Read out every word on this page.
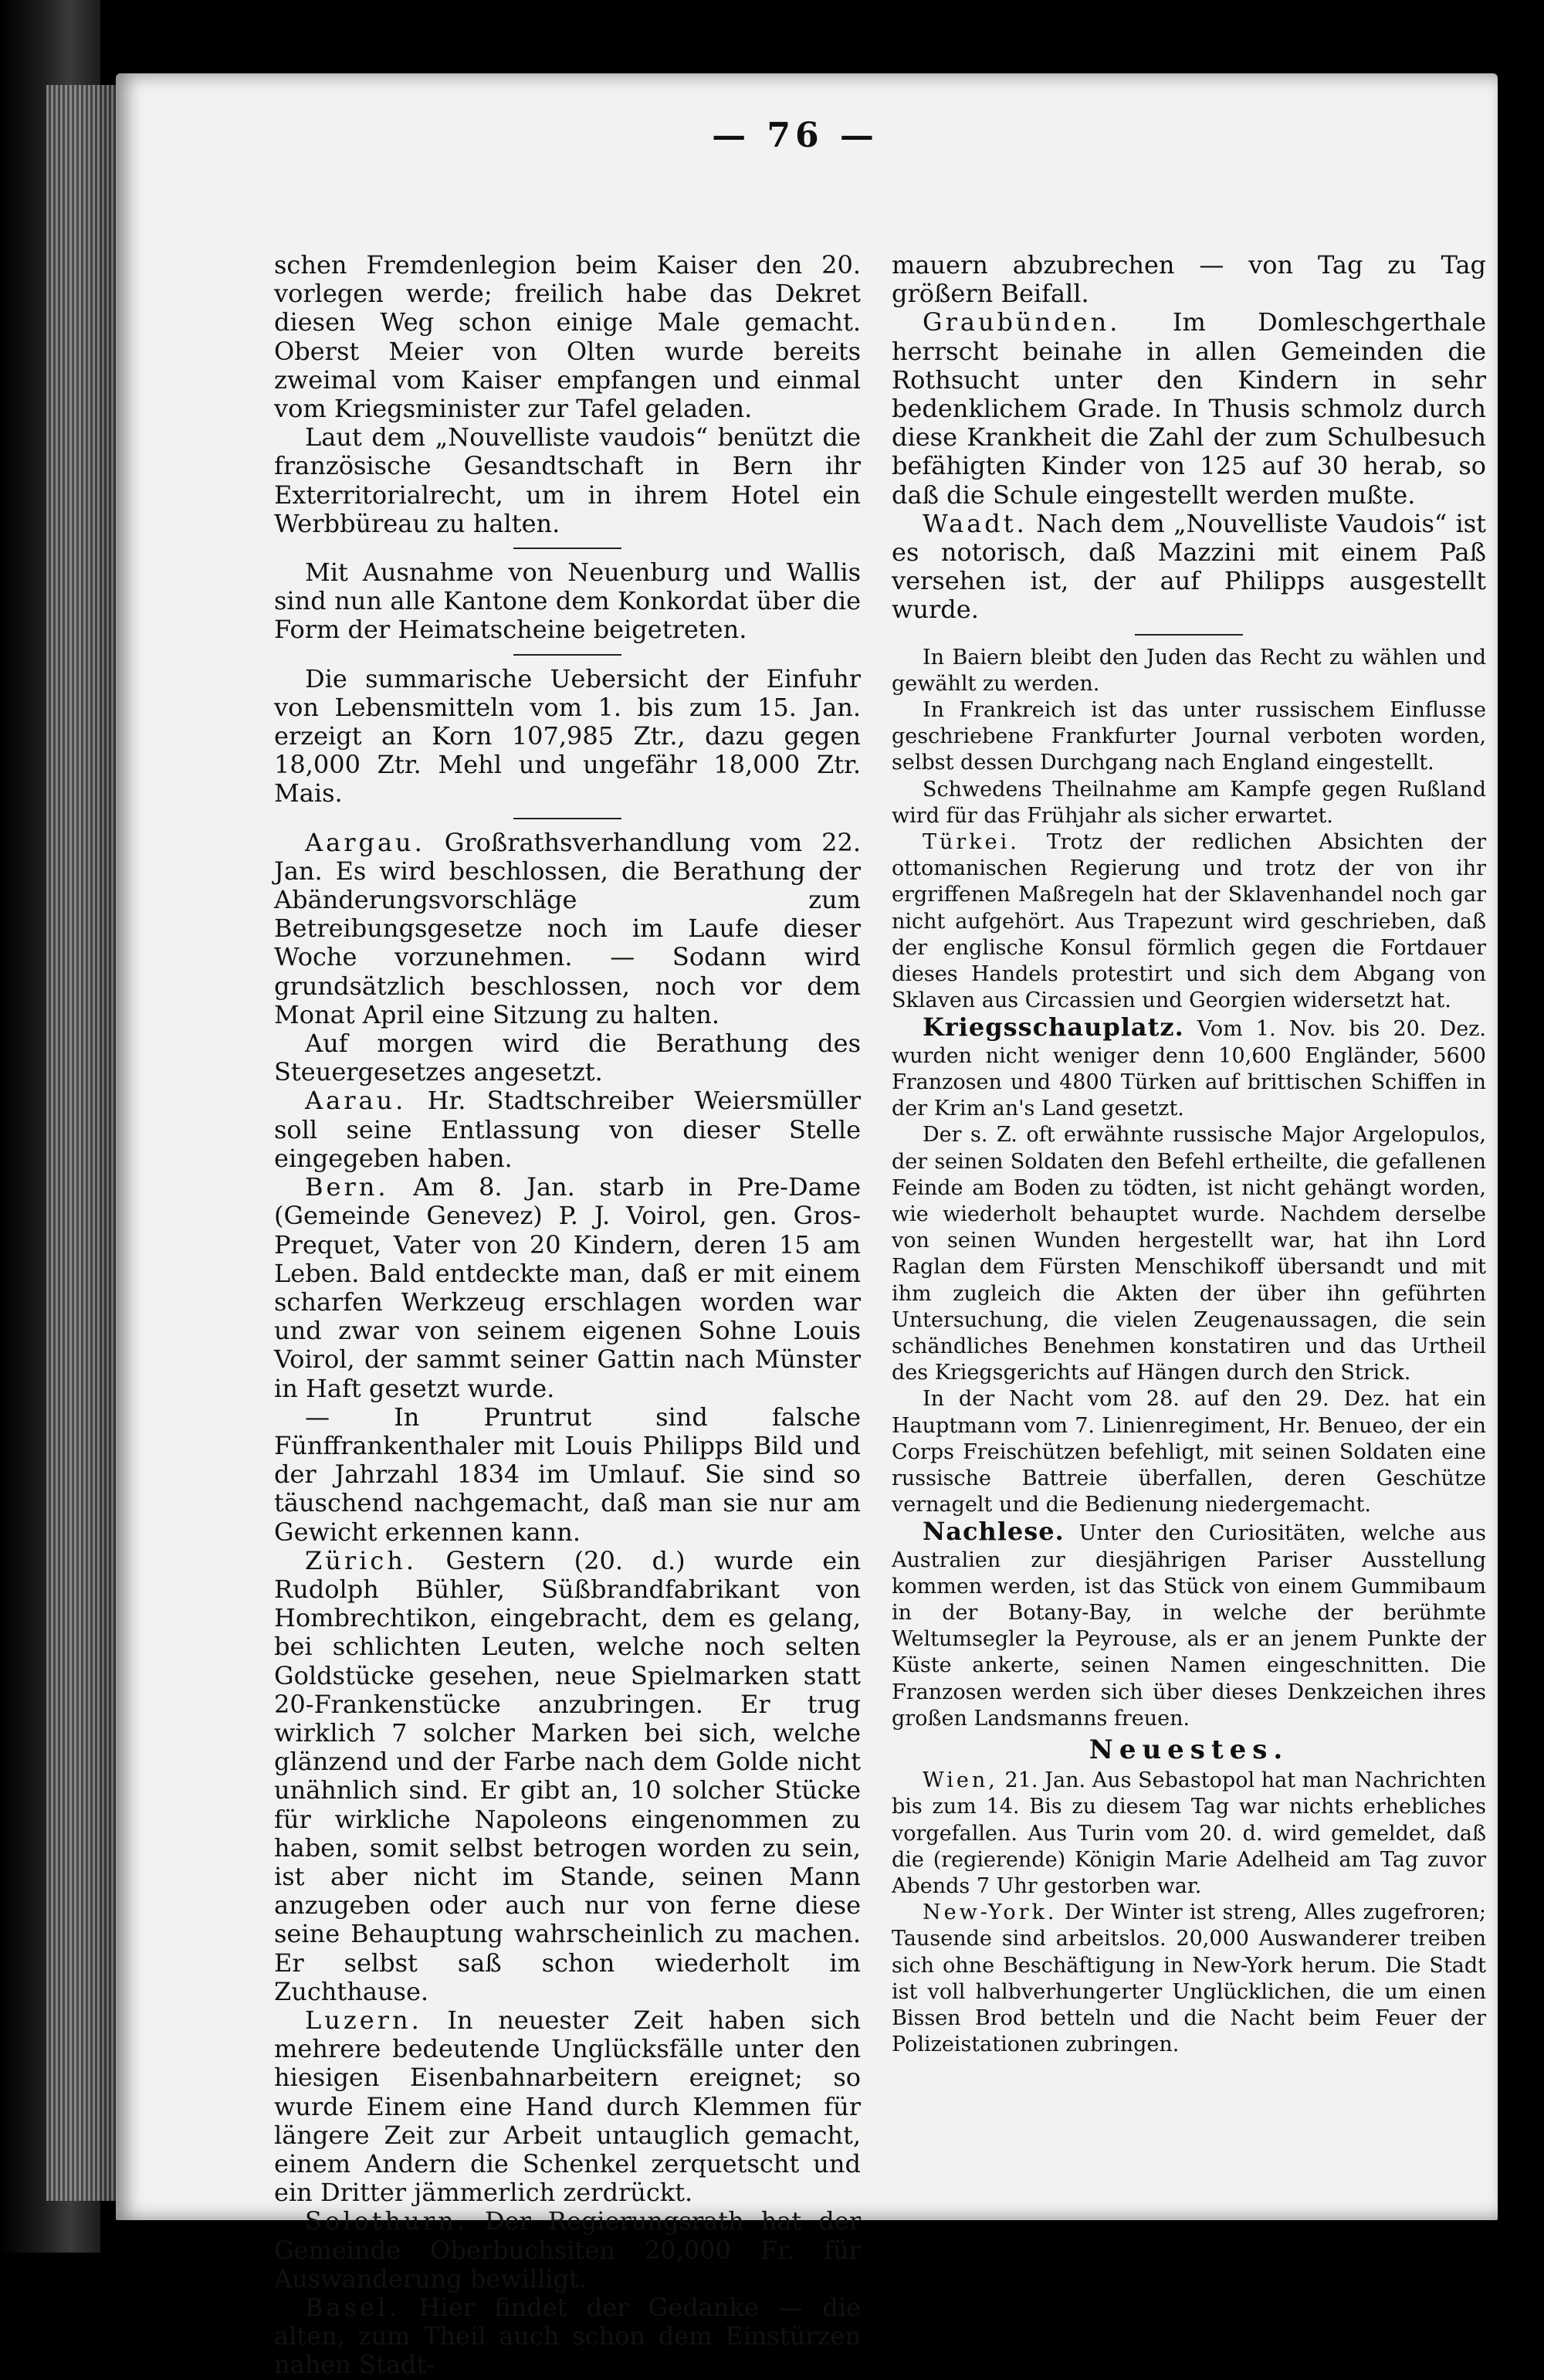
— 76 —

schen Fremdenlegion beim Kaiser den 20. vorlegen werde; freilich habe das Dekret diesen Weg schon einige Male gemacht. Oberst Meier von Olten wurde bereits zweimal vom Kaiser empfangen und einmal vom Kriegsminister zur Tafel geladen.

Laut dem „Nouvelliste vaudois“ benützt die französische Gesandtschaft in Bern ihr Exterritorialrecht, um in ihrem Hotel ein Werbbüreau zu halten.

Mit Ausnahme von Neuenburg und Wallis sind nun alle Kantone dem Konkordat über die Form der Heimatscheine beigetreten.

Die summarische Uebersicht der Einfuhr von Lebensmitteln vom 1. bis zum 15. Jan. erzeigt an Korn 107,985 Ztr., dazu gegen 18,000 Ztr. Mehl und ungefähr 18,000 Ztr. Mais.

Aargau. Großrathsverhandlung vom 22. Jan. Es wird beschlossen, die Berathung der Abänderungsvorschläge zum Betreibungsgesetze noch im Laufe dieser Woche vorzunehmen. — Sodann wird grundsätzlich beschlossen, noch vor dem Monat April eine Sitzung zu halten.

Auf morgen wird die Berathung des Steuergesetzes angesetzt.

Aarau. Hr. Stadtschreiber Weiersmüller soll seine Entlassung von dieser Stelle eingegeben haben.

Bern. Am 8. Jan. starb in Pre-Dame (Gemeinde Genevez) P. J. Voirol, gen. Gros-Prequet, Vater von 20 Kindern, deren 15 am Leben. Bald entdeckte man, daß er mit einem scharfen Werkzeug erschlagen worden war und zwar von seinem eigenen Sohne Louis Voirol, der sammt seiner Gattin nach Münster in Haft gesetzt wurde.

— In Pruntrut sind falsche Fünffrankenthaler mit Louis Philipps Bild und der Jahrzahl 1834 im Umlauf. Sie sind so täuschend nachgemacht, daß man sie nur am Gewicht erkennen kann.

Zürich. Gestern (20. d.) wurde ein Rudolph Bühler, Süßbrandfabrikant von Hombrechtikon, eingebracht, dem es gelang, bei schlichten Leuten, welche noch selten Goldstücke gesehen, neue Spielmarken statt 20-Frankenstücke anzubringen. Er trug wirklich 7 solcher Marken bei sich, welche glänzend und der Farbe nach dem Golde nicht unähnlich sind. Er gibt an, 10 solcher Stücke für wirkliche Napoleons eingenommen zu haben, somit selbst betrogen worden zu sein, ist aber nicht im Stande, seinen Mann anzugeben oder auch nur von ferne diese seine Behauptung wahrscheinlich zu machen. Er selbst saß schon wiederholt im Zuchthause.

Luzern. In neuester Zeit haben sich mehrere bedeutende Unglücksfälle unter den hiesigen Eisenbahnarbeitern ereignet; so wurde Einem eine Hand durch Klemmen für längere Zeit zur Arbeit untauglich gemacht, einem Andern die Schenkel zerquetscht und ein Dritter jämmerlich zerdrückt.

Solothurn. Der Regierungsrath hat der Gemeinde Oberbuchsiten 20,000 Fr. für Auswanderung bewilligt.

Basel. Hier findet der Gedanke — die alten, zum Theil auch schon dem Einstürzen nahen Stadt-

mauern abzubrechen — von Tag zu Tag größern Beifall.

Graubünden. Im Domleschgerthale herrscht beinahe in allen Gemeinden die Rothsucht unter den Kindern in sehr bedenklichem Grade. In Thusis schmolz durch diese Krankheit die Zahl der zum Schulbesuch befähigten Kinder von 125 auf 30 herab, so daß die Schule eingestellt werden mußte.

Waadt. Nach dem „Nouvelliste Vaudois“ ist es notorisch, daß Mazzini mit einem Paß versehen ist, der auf Philipps ausgestellt wurde.

In Baiern bleibt den Juden das Recht zu wählen und gewählt zu werden.

In Frankreich ist das unter russischem Einflusse geschriebene Frankfurter Journal verboten worden, selbst dessen Durchgang nach England eingestellt.

Schwedens Theilnahme am Kampfe gegen Rußland wird für das Frühjahr als sicher erwartet.

Türkei. Trotz der redlichen Absichten der ottomanischen Regierung und trotz der von ihr ergriffenen Maßregeln hat der Sklavenhandel noch gar nicht aufgehört. Aus Trapezunt wird geschrieben, daß der englische Konsul förmlich gegen die Fortdauer dieses Handels protestirt und sich dem Abgang von Sklaven aus Circassien und Georgien widersetzt hat.

Kriegsschauplatz. Vom 1. Nov. bis 20. Dez. wurden nicht weniger denn 10,600 Engländer, 5600 Franzosen und 4800 Türken auf brittischen Schiffen in der Krim an's Land gesetzt.

Der s. Z. oft erwähnte russische Major Argelopulos, der seinen Soldaten den Befehl ertheilte, die gefallenen Feinde am Boden zu tödten, ist nicht gehängt worden, wie wiederholt behauptet wurde. Nachdem derselbe von seinen Wunden hergestellt war, hat ihn Lord Raglan dem Fürsten Menschikoff übersandt und mit ihm zugleich die Akten der über ihn geführten Untersuchung, die vielen Zeugenaussagen, die sein schändliches Benehmen konstatiren und das Urtheil des Kriegsgerichts auf Hängen durch den Strick.

In der Nacht vom 28. auf den 29. Dez. hat ein Hauptmann vom 7. Linienregiment, Hr. Benueo, der ein Corps Freischützen befehligt, mit seinen Soldaten eine russische Battreie überfallen, deren Geschütze vernagelt und die Bedienung niedergemacht.

Nachlese. Unter den Curiositäten, welche aus Australien zur diesjährigen Pariser Ausstellung kommen werden, ist das Stück von einem Gummibaum in der Botany-Bay, in welche der berühmte Weltumsegler la Peyrouse, als er an jenem Punkte der Küste ankerte, seinen Namen eingeschnitten. Die Franzosen werden sich über dieses Denkzeichen ihres großen Landsmanns freuen.

Neuestes.

Wien, 21. Jan. Aus Sebastopol hat man Nachrichten bis zum 14. Bis zu diesem Tag war nichts erhebliches vorgefallen. Aus Turin vom 20. d. wird gemeldet, daß die (regierende) Königin Marie Adelheid am Tag zuvor Abends 7 Uhr gestorben war.

New-York. Der Winter ist streng, Alles zugefroren; Tausende sind arbeitslos. 20,000 Auswanderer treiben sich ohne Beschäftigung in New-York herum. Die Stadt ist voll halbverhungerter Unglücklichen, die um einen Bissen Brod betteln und die Nacht beim Feuer der Polizeistationen zubringen.
